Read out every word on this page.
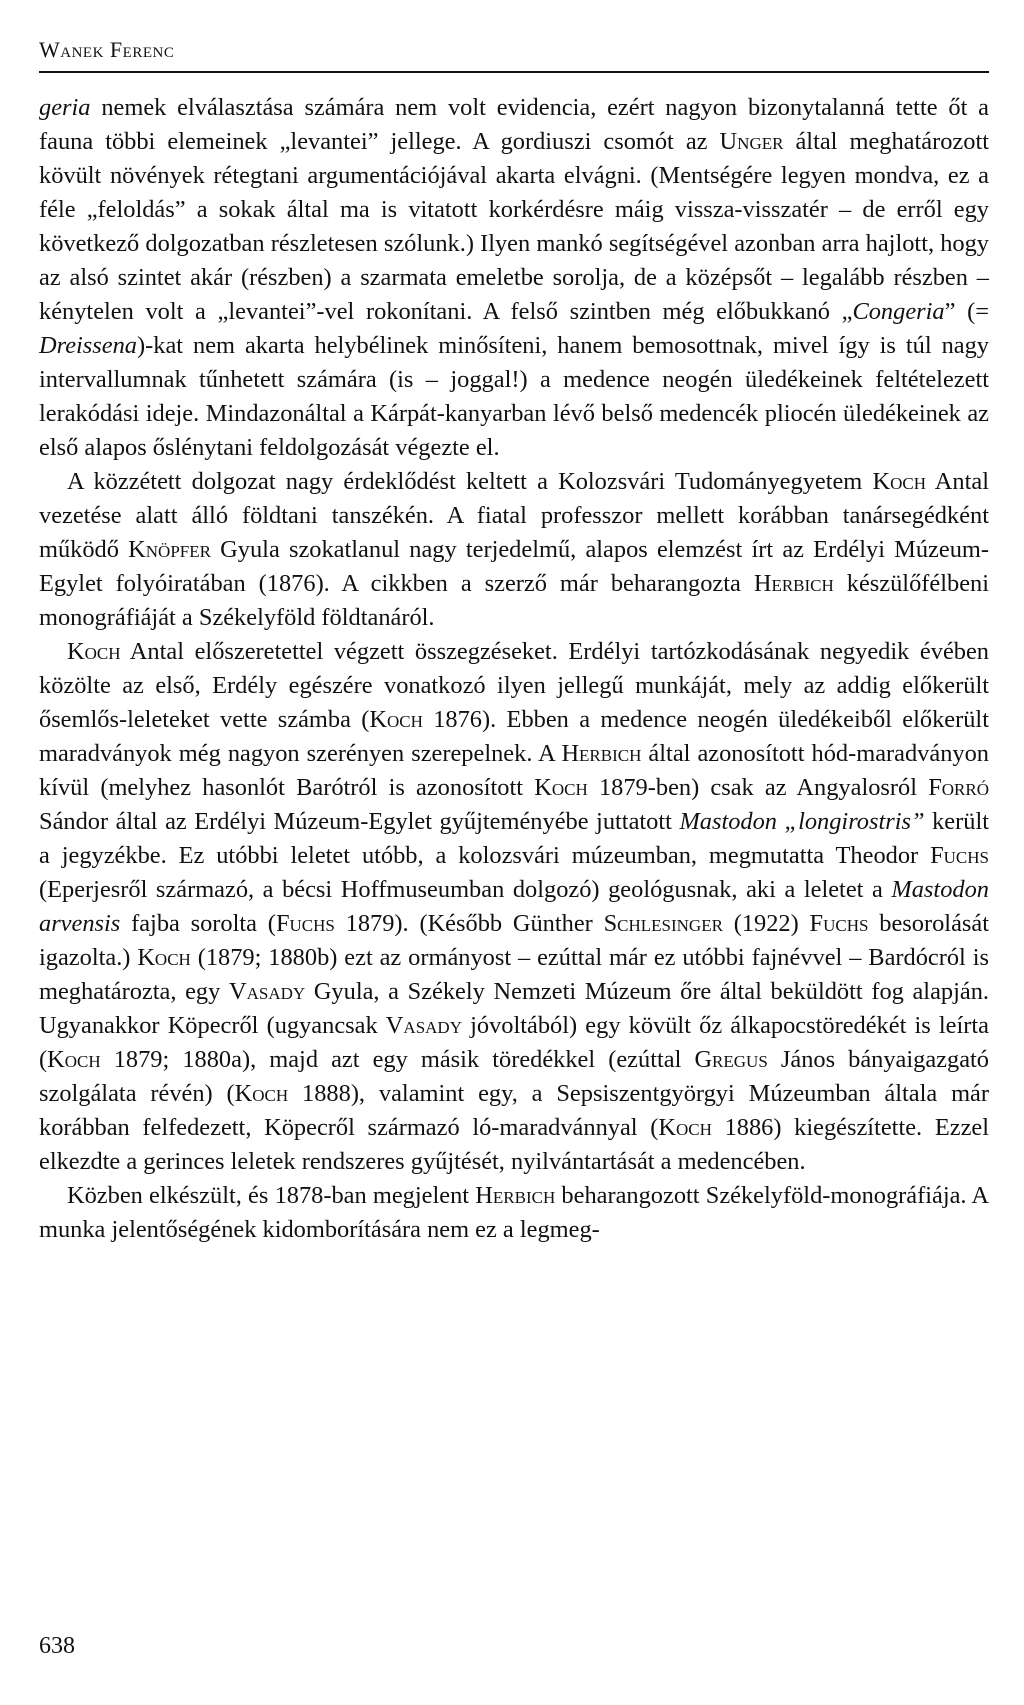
Wanek Ferenc

geria nemek elválasztása számára nem volt evidencia, ezért nagyon bizonytalanná tette őt a fauna többi elemeinek „levantei” jellege. A gordiuszi csomót az Unger által meghatározott kövült növények rétegtani argumentációjával akarta elvágni. (Mentségére legyen mondva, ez a féle „feloldás” a sokak által ma is vitatott korkérdésre máig vissza-visszatér – de erről egy következő dolgozatban részletesen szólunk.) Ilyen mankó segítségével azonban arra hajlott, hogy az alsó szintet akár (részben) a szarmata emeletbe sorolja, de a középsőt – legalább részben – kénytelen volt a „levantei”-vel rokonítani. A felső szintben még előbukkanó „Congeria” (= Dreissena)-kat nem akarta helybélinek minősíteni, hanem bemosottnak, mivel így is túl nagy intervallumnak tűnhetett számára (is – joggal!) a medence neogén üledékeinek feltételezett lerakódási ideje. Mindazonáltal a Kárpát-kanyarban lévő belső medencék pliocén üledékeinek az első alapos őslénytani feldolgozását végezte el.

A közzétett dolgozat nagy érdeklődést keltett a Kolozsvári Tudományegyetem Koch Antal vezetése alatt álló földtani tanszékén. A fiatal professzor mellett korábban tanársegédként működő Knöpfer Gyula szokatlanul nagy terjedelmű, alapos elemzést írt az Erdélyi Múzeum-Egylet folyóiratában (1876). A cikkben a szerző már beharangozta Herbich készülőfélbeni monográfiáját a Székelyföld földtanáról.

Koch Antal előszeretettel végzett összegzéseket. Erdélyi tartózkodásának negyedik évében közölte az első, Erdély egészére vonatkozó ilyen jellegű munkáját, mely az addig előkerült ősemlős-leleteket vette számba (Koch 1876). Ebben a medence neogén üledékeiből előkerült maradványok még nagyon szerényen szerepelnek. A Herbich által azonosított hód-maradványon kívül (melyhez hasonlót Barótról is azonosított Koch 1879-ben) csak az Angyalosról Forró Sándor által az Erdélyi Múzeum-Egylet gyűjteményébe juttatott Mastodon „longirostris” került a jegyzékbe. Ez utóbbi leletet utóbb, a kolozsvári múzeumban, megmutatta Theodor Fuchs (Eperjesről származó, a bécsi Hoffmuseumban dolgozó) geológusnak, aki a leletet a Mastodon arvensis fajba sorolta (Fuchs 1879). (Később Günther Schlesinger (1922) Fuchs besorolását igazolta.) Koch (1879; 1880b) ezt az ormányost – ezúttal már ez utóbbi fajnévvel – Bardócról is meghatározta, egy Vasady Gyula, a Székely Nemzeti Múzeum őre által beküldött fog alapján. Ugyanakkor Köpecről (ugyancsak Vasady jóvoltából) egy kövült őz álkapocstöredékét is leírta (Koch 1879; 1880a), majd azt egy másik töredékkel (ezúttal Gregus János bányaigazgató szolgálata révén) (Koch 1888), valamint egy, a Sepsiszentgyörgyi Múzeumban általa már korábban felfedezett, Köpecről származó ló-maradvánnyal (Koch 1886) kiegészítette. Ezzel elkezdte a gerinces leletek rendszeres gyűjtését, nyilvántartását a medencében.

Közben elkészült, és 1878-ban megjelent Herbich beharangozott Székelyföld-monográfiája. A munka jelentőségének kidomborítására nem ez a legmeg-

638
